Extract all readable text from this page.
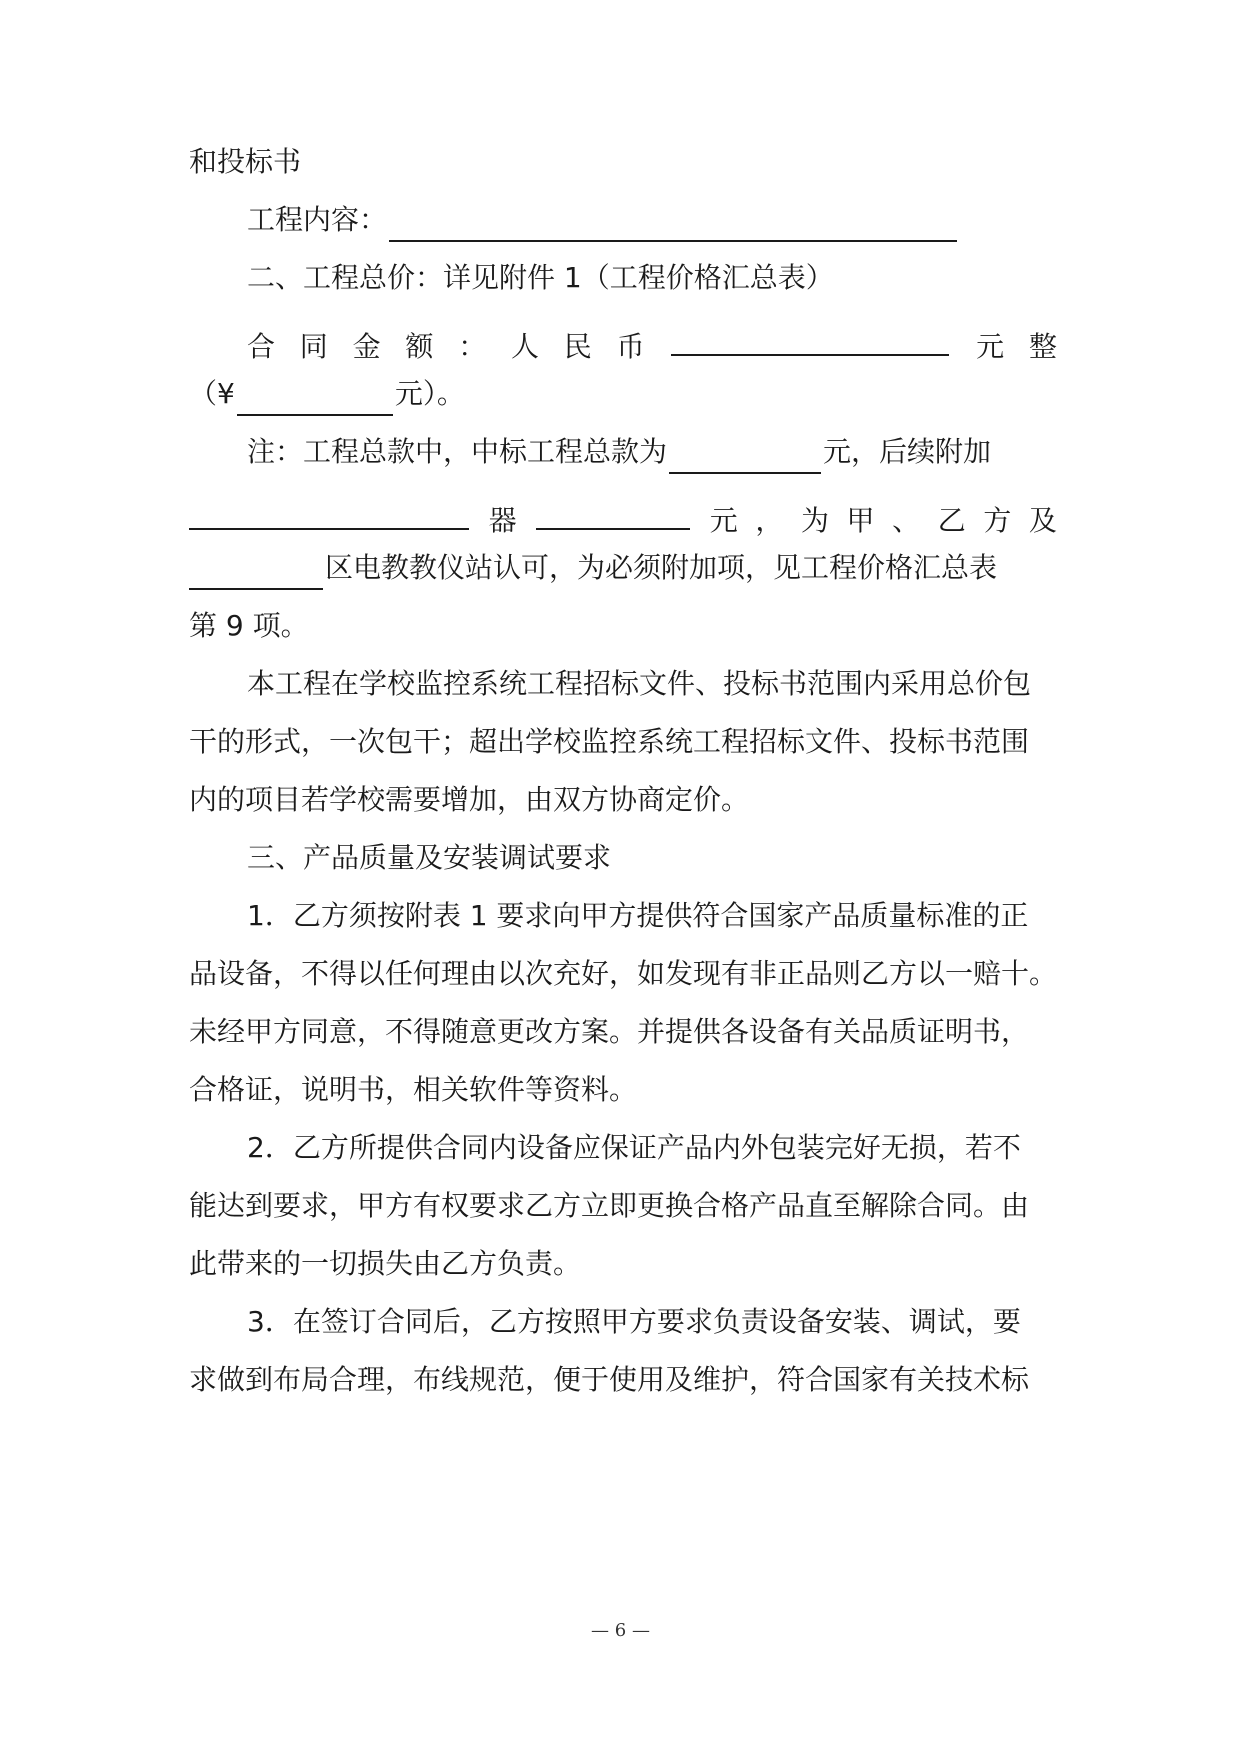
和投标书
工程内容：
二、工程总价：详见附件 1（工程价格汇总表）
合 同 金 额 ： 人 民 币	元 整
（¥	元）。
注：工程总款中，中标工程总款为	元，后续附加
器	元 ， 为 甲 、 乙 方 及
区电教教仪站认可，为必须附加项，见工程价格汇总表
第 9 项。
本工程在学校监控系统工程招标文件、投标书范围内采用总价包
干的形式，一次包干；超出学校监控系统工程招标文件、投标书范围
内的项目若学校需要增加，由双方协商定价。
三、产品质量及安装调试要求
1．乙方须按附表 1 要求向甲方提供符合国家产品质量标准的正
品设备，不得以任何理由以次充好，如发现有非正品则乙方以一赔十。
未经甲方同意，不得随意更改方案。并提供各设备有关品质证明书，
合格证，说明书，相关软件等资料。
2．乙方所提供合同内设备应保证产品内外包装完好无损，若不
能达到要求，甲方有权要求乙方立即更换合格产品直至解除合同。由
此带来的一切损失由乙方负责。
3．在签订合同后，乙方按照甲方要求负责设备安装、调试，要
求做到布局合理，布线规范，便于使用及维护，符合国家有关技术标
— 6 —
